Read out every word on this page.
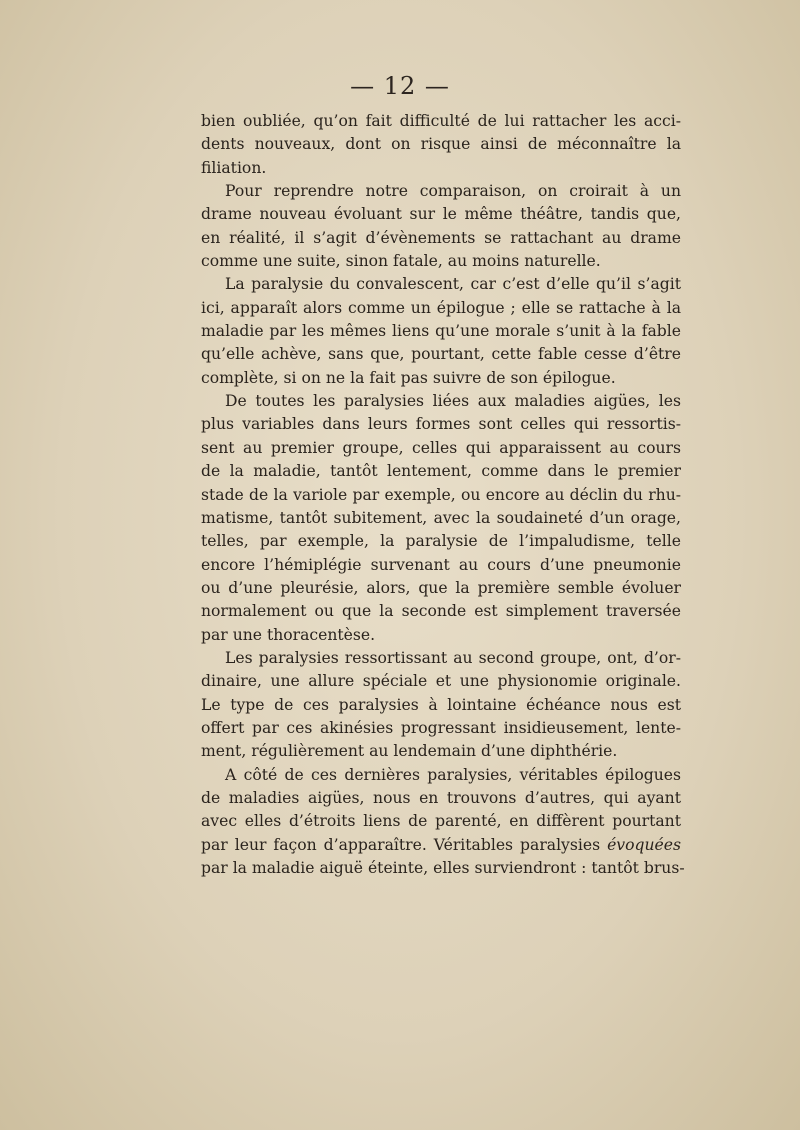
— 12 —
bien oubliée, qu’on fait difficulté de lui rattacher les acci-
dents nouveaux, dont on risque ainsi de méconnaître la
filiation.
Pour reprendre notre comparaison, on croirait à un
drame nouveau évoluant sur le même théâtre, tandis que,
en réalité, il s’agit d’évènements se rattachant au drame
comme une suite, sinon fatale, au moins naturelle.
La paralysie du convalescent, car c’est d’elle qu’il s’agit
ici, apparaît alors comme un épilogue ; elle se rattache à la
maladie par les mêmes liens qu’une morale s’unit à la fable
qu’elle achève, sans que, pourtant, cette fable cesse d’être
complète, si on ne la fait pas suivre de son épilogue.
De toutes les paralysies liées aux maladies aigües, les
plus variables dans leurs formes sont celles qui ressortis-
sent au premier groupe, celles qui apparaissent au cours
de la maladie, tantôt lentement, comme dans le premier
stade de la variole par exemple, ou encore au déclin du rhu-
matisme, tantôt subitement, avec la soudaineté d’un orage,
telles, par exemple, la paralysie de l’impaludisme, telle
encore l’hémiplégie survenant au cours d’une pneumonie
ou d’une pleurésie, alors, que la première semble évoluer
normalement ou que la seconde est simplement traversée
par une thoracentèse.
Les paralysies ressortissant au second groupe, ont, d’or-
dinaire, une allure spéciale et une physionomie originale.
Le type de ces paralysies à lointaine échéance nous est
offert par ces akinésies progressant insidieusement, lente-
ment, régulièrement au lendemain d’une diphthérie.
A côté de ces dernières paralysies, véritables épilogues
de maladies aigües, nous en trouvons d’autres, qui ayant
avec elles d’étroits liens de parenté, en diffèrent pourtant
par leur façon d’apparaître. Véritables paralysies évoquées
par la maladie aiguë éteinte, elles surviendront : tantôt brus-
